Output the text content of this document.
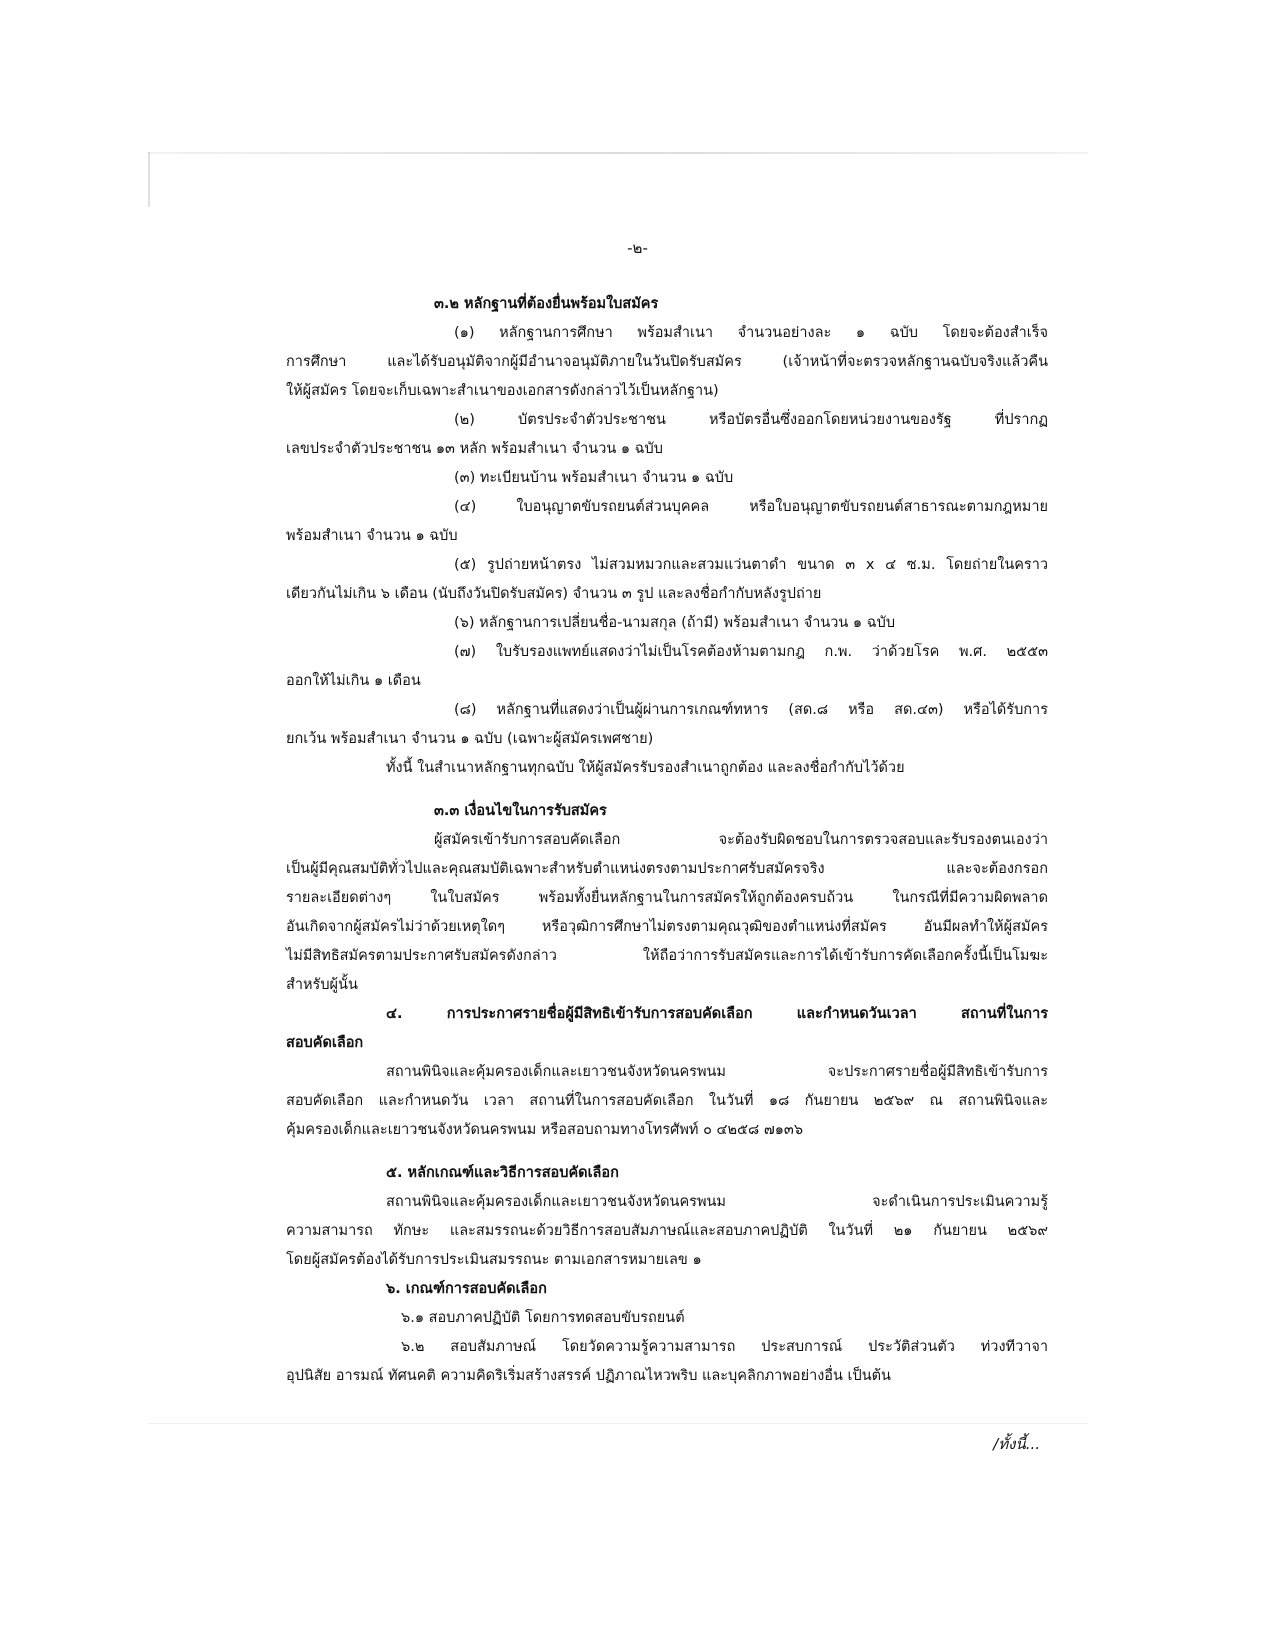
-๒-
๓.๒ หลักฐานที่ต้องยื่นพร้อมใบสมัคร
(๑) หลักฐานการศึกษา พร้อมสำเนา จำนวนอย่างละ ๑ ฉบับ โดยจะต้องสำเร็จ
การศึกษา และได้รับอนุมัติจากผู้มีอำนาจอนุมัติภายในวันปิดรับสมัคร (เจ้าหน้าที่จะตรวจหลักฐานฉบับจริงแล้วคืน
ให้ผู้สมัคร โดยจะเก็บเฉพาะสำเนาของเอกสารดังกล่าวไว้เป็นหลักฐาน)
(๒) บัตรประจำตัวประชาชน หรือบัตรอื่นซึ่งออกโดยหน่วยงานของรัฐ ที่ปรากฏ
เลขประจำตัวประชาชน ๑๓ หลัก พร้อมสำเนา จำนวน ๑ ฉบับ
(๓) ทะเบียนบ้าน พร้อมสำเนา จำนวน ๑ ฉบับ
(๔) ใบอนุญาตขับรถยนต์ส่วนบุคคล หรือใบอนุญาตขับรถยนต์สาธารณะตามกฎหมาย
พร้อมสำเนา จำนวน ๑ ฉบับ
(๕) รูปถ่ายหน้าตรง ไม่สวมหมวกและสวมแว่นตาดำ ขนาด ๓ x ๔ ซ.ม. โดยถ่ายในคราว
เดียวกันไม่เกิน ๖ เดือน (นับถึงวันปิดรับสมัคร) จำนวน ๓ รูป และลงชื่อกำกับหลังรูปถ่าย
(๖) หลักฐานการเปลี่ยนชื่อ-นามสกุล (ถ้ามี) พร้อมสำเนา จำนวน ๑ ฉบับ
(๗) ใบรับรองแพทย์แสดงว่าไม่เป็นโรคต้องห้ามตามกฎ ก.พ. ว่าด้วยโรค พ.ศ. ๒๕๕๓
ออกให้ไม่เกิน ๑ เดือน
(๘) หลักฐานที่แสดงว่าเป็นผู้ผ่านการเกณฑ์ทหาร (สด.๘ หรือ สด.๔๓) หรือได้รับการ
ยกเว้น พร้อมสำเนา จำนวน ๑ ฉบับ (เฉพาะผู้สมัครเพศชาย)
ทั้งนี้ ในสำเนาหลักฐานทุกฉบับ ให้ผู้สมัครรับรองสำเนาถูกต้อง และลงชื่อกำกับไว้ด้วย
๓.๓ เงื่อนไขในการรับสมัคร
ผู้สมัครเข้ารับการสอบคัดเลือก จะต้องรับผิดชอบในการตรวจสอบและรับรองตนเองว่า
เป็นผู้มีคุณสมบัติทั่วไปและคุณสมบัติเฉพาะสำหรับตำแหน่งตรงตามประกาศรับสมัครจริง และจะต้องกรอก
รายละเอียดต่างๆ ในใบสมัคร พร้อมทั้งยื่นหลักฐานในการสมัครให้ถูกต้องครบถ้วน ในกรณีที่มีความผิดพลาด
อันเกิดจากผู้สมัครไม่ว่าด้วยเหตุใดๆ หรือวุฒิการศึกษาไม่ตรงตามคุณวุฒิของตำแหน่งที่สมัคร อันมีผลทำให้ผู้สมัคร
ไม่มีสิทธิสมัครตามประกาศรับสมัครดังกล่าว ให้ถือว่าการรับสมัครและการได้เข้ารับการคัดเลือกครั้งนี้เป็นโมฆะ
สำหรับผู้นั้น
๔. การประกาศรายชื่อผู้มีสิทธิเข้ารับการสอบคัดเลือก และกำหนดวันเวลา สถานที่ในการ
สอบคัดเลือก
สถานพินิจและคุ้มครองเด็กและเยาวชนจังหวัดนครพนม จะประกาศรายชื่อผู้มีสิทธิเข้ารับการ
สอบคัดเลือก และกำหนดวัน เวลา สถานที่ในการสอบคัดเลือก ในวันที่ ๑๘ กันยายน ๒๕๖๙ ณ สถานพินิจและ
คุ้มครองเด็กและเยาวชนจังหวัดนครพนม หรือสอบถามทางโทรศัพท์ ๐ ๔๒๕๘ ๗๑๓๖
๕. หลักเกณฑ์และวิธีการสอบคัดเลือก
สถานพินิจและคุ้มครองเด็กและเยาวชนจังหวัดนครพนม จะดำเนินการประเมินความรู้
ความสามารถ ทักษะ และสมรรถนะด้วยวิธีการสอบสัมภาษณ์และสอบภาคปฏิบัติ ในวันที่ ๒๑ กันยายน ๒๕๖๙
โดยผู้สมัครต้องได้รับการประเมินสมรรถนะ ตามเอกสารหมายเลข ๑
๖. เกณฑ์การสอบคัดเลือก
๖.๑ สอบภาคปฏิบัติ โดยการทดสอบขับรถยนต์
๖.๒ สอบสัมภาษณ์ โดยวัดความรู้ความสามารถ ประสบการณ์ ประวัติส่วนตัว ท่วงทีวาจา
อุปนิสัย อารมณ์ ทัศนคติ ความคิดริเริ่มสร้างสรรค์ ปฏิภาณไหวพริบ และบุคลิกภาพอย่างอื่น เป็นต้น
/ทั้งนี้...
